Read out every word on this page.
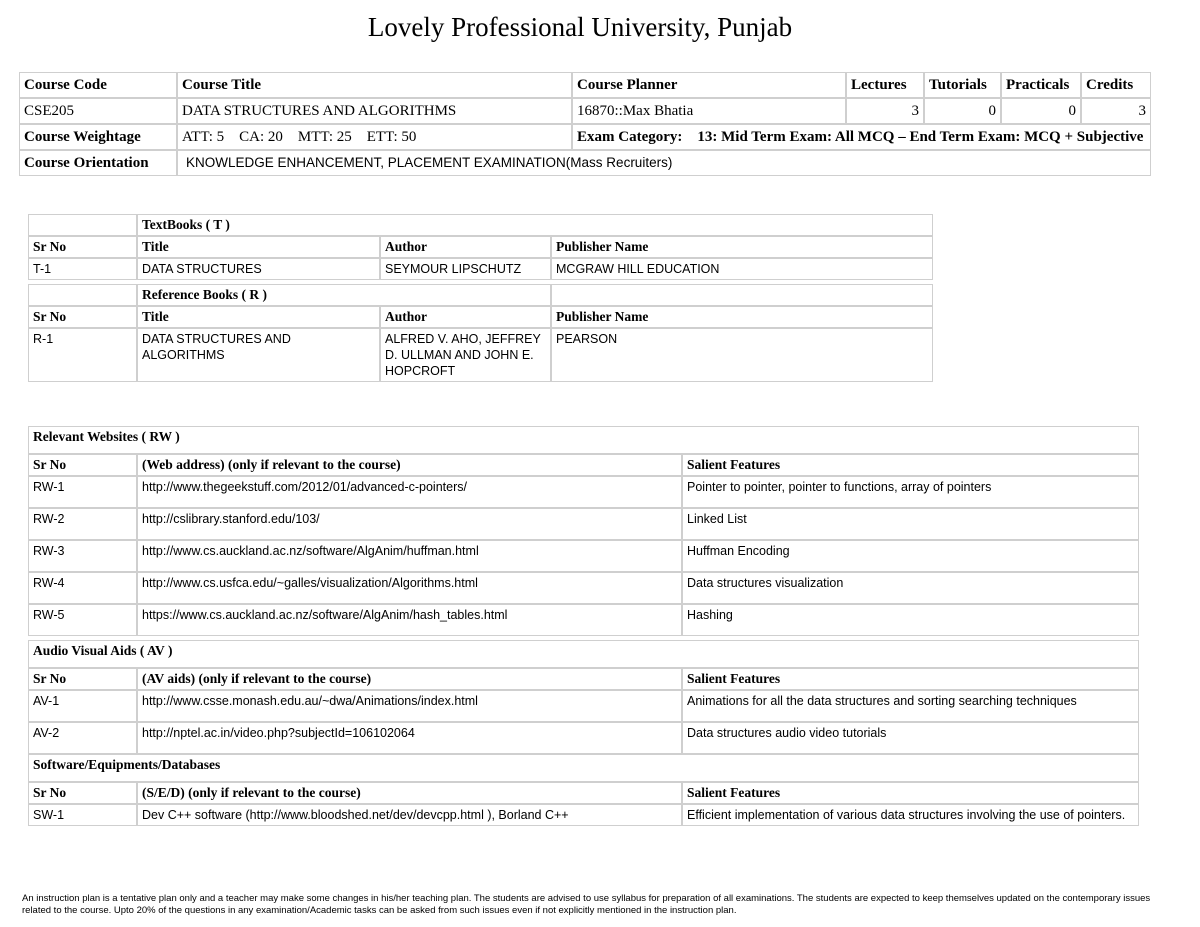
Lovely Professional University, Punjab
Course Code	Course Title	Course Planner	Lectures	Tutorials	Practicals	Credits
CSE205	DATA STRUCTURES AND ALGORITHMS	16870::Max Bhatia	3	0	0	3
Course Weightage	ATT: 5    CA: 20    MTT: 25    ETT: 50	Exam Category:    13: Mid Term Exam: All MCQ – End Term Exam: MCQ + Subjective				
Course Orientation	KNOWLEDGE ENHANCEMENT, PLACEMENT EXAMINATION(Mass Recruiters)					
	TextBooks ( T )		
Sr No	Title	Author	Publisher Name
T-1	DATA STRUCTURES	SEYMOUR LIPSCHUTZ	MCGRAW HILL EDUCATION

	Reference Books ( R )		
Sr No	Title	Author	Publisher Name
R-1	DATA STRUCTURES AND ALGORITHMS	ALFRED V. AHO, JEFFREY D. ULLMAN AND JOHN E. HOPCROFT	PEARSON
Relevant Websites ( RW )		
Sr No	(Web address) (only if relevant to the course)	Salient Features
RW-1	http://www.thegeekstuff.com/2012/01/advanced-c-pointers/	Pointer to pointer, pointer to functions, array of pointers
RW-2	http://cslibrary.stanford.edu/103/	Linked List
RW-3	http://www.cs.auckland.ac.nz/software/AlgAnim/huffman.html	Huffman Encoding
RW-4	http://www.cs.usfca.edu/~galles/visualization/Algorithms.html	Data structures visualization
RW-5	https://www.cs.auckland.ac.nz/software/AlgAnim/hash_tables.html	Hashing
Audio Visual Aids ( AV )		
Sr No	(AV aids) (only if relevant to the course)	Salient Features
AV-1	http://www.csse.monash.edu.au/~dwa/Animations/index.html	Animations for all the data structures and sorting searching techniques
AV-2	http://nptel.ac.in/video.php?subjectId=106102064	Data structures audio video tutorials
Software/Equipments/Databases		
Sr No	(S/E/D) (only if relevant to the course)	Salient Features
SW-1	Dev C++ software (http://www.bloodshed.net/dev/devcpp.html ), Borland C++	Efficient implementation of various data structures involving the use of pointers.
An instruction plan is a tentative plan only and a teacher may make some changes in his/her teaching plan. The students are advised to use syllabus for preparation of all examinations. The students are expected to keep themselves updated on the contemporary issues related to the course. Upto 20% of the questions in any examination/Academic tasks can be asked from such issues even if not explicitly mentioned in the instruction plan.
